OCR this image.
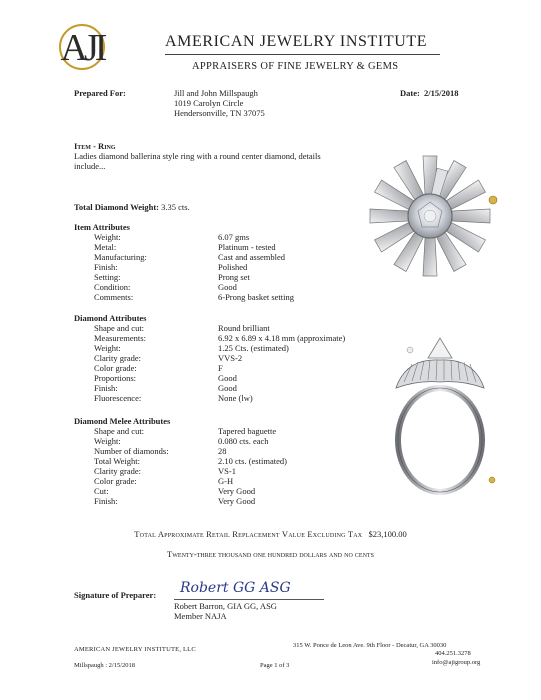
AJI	AMERICAN JEWELRY INSTITUTE
APPRAISERS OF FINE JEWELRY & GEMS
Prepared For:	Jill and John Millspaugh
1019 Carolyn Circle
Hendersonville, TN 37075
Date: 2/15/2018
Item - Ring
Ladies diamond ballerina style ring with a round center diamond, details include...
Total Diamond Weight: 3.35 cts.
Item Attributes
Weight:	6.07 gms
Metal:	Platinum - tested
Manufacturing:	Cast and assembled
Finish:	Polished
Setting:	Prong set
Condition:	Good
Comments:	6-Prong basket setting
Diamond Attributes
Shape and cut:	Round brilliant
Measurements:	6.92 x 6.89 x 4.18 mm (approximate)
Weight:	1.25 Cts. (estimated)
Clarity grade:	VVS-2
Color grade:	F
Proportions:	Good
Finish:	Good
Fluorescence:	None (lw)
Diamond Melee Attributes
Shape and cut:	Tapered baguette
Weight:	0.080 cts. each
Number of diamonds:	28
Total Weight:	2.10 cts. (estimated)
Clarity grade:	VS-1
Color grade:	G-H
Cut:	Very Good
Finish:	Very Good
Total Approximate Retail Replacement Value Excluding Tax $23,100.00
Twenty-three thousand one hundred dollars and no cents
Signature of Preparer: Robert GG ASG
Robert Barron, GIA GG, ASG
Member NAJA
AMERICAN JEWELRY INSTITUTE, LLC
315 W. Ponce de Leon Ave. 9th Floor - Decatur, GA 30030
404.251.3278
Millspaugh : 2/15/2018	Page 1 of 3	info@ajigroup.org
